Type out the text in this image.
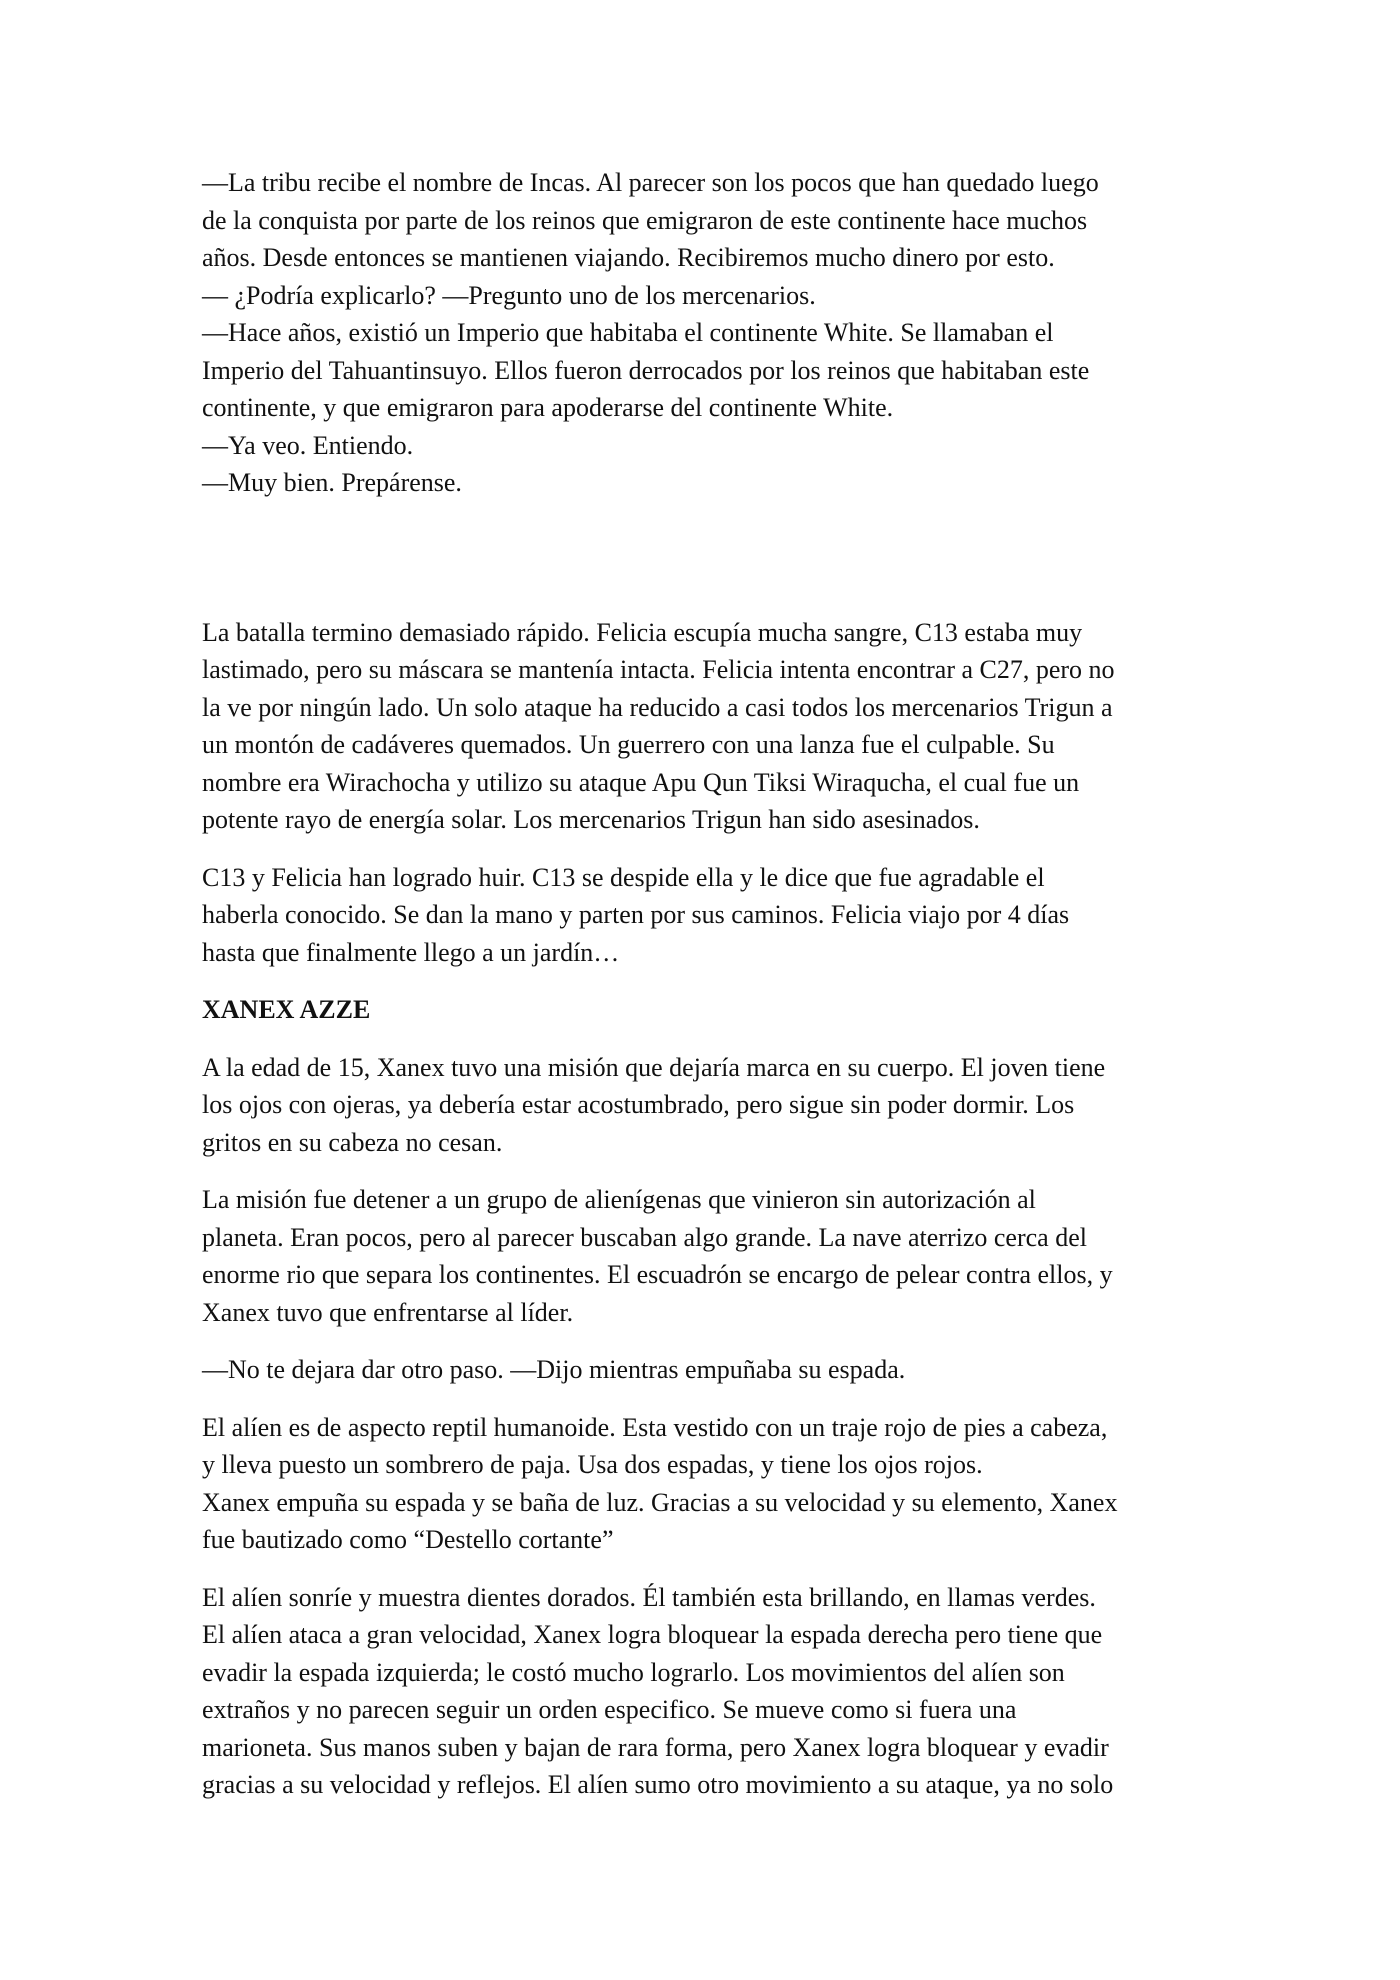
—La tribu recibe el nombre de Incas. Al parecer son los pocos que han quedado luego
de la conquista por parte de los reinos que emigraron de este continente hace muchos
años. Desde entonces se mantienen viajando. Recibiremos mucho dinero por esto.
— ¿Podría explicarlo? —Pregunto uno de los mercenarios.
—Hace años, existió un Imperio que habitaba el continente White. Se llamaban el
Imperio del Tahuantinsuyo. Ellos fueron derrocados por los reinos que habitaban este
continente, y que emigraron para apoderarse del continente White.
—Ya veo. Entiendo.
—Muy bien. Prepárense.
La batalla termino demasiado rápido. Felicia escupía mucha sangre, C13 estaba muy
lastimado, pero su máscara se mantenía intacta. Felicia intenta encontrar a C27, pero no
la ve por ningún lado. Un solo ataque ha reducido a casi todos los mercenarios Trigun a
un montón de cadáveres quemados. Un guerrero con una lanza fue el culpable. Su
nombre era Wirachocha y utilizo su ataque Apu Qun Tiksi Wiraqucha, el cual fue un
potente rayo de energía solar. Los mercenarios Trigun han sido asesinados.
C13 y Felicia han logrado huir. C13 se despide ella y le dice que fue agradable el
haberla conocido. Se dan la mano y parten por sus caminos. Felicia viajo por 4 días
hasta que finalmente llego a un jardín…
XANEX AZZE
A la edad de 15, Xanex tuvo una misión que dejaría marca en su cuerpo. El joven tiene
los ojos con ojeras, ya debería estar acostumbrado, pero sigue sin poder dormir. Los
gritos en su cabeza no cesan.
La misión fue detener a un grupo de alienígenas que vinieron sin autorización al
planeta. Eran pocos, pero al parecer buscaban algo grande. La nave aterrizo cerca del
enorme rio que separa los continentes. El escuadrón se encargo de pelear contra ellos, y
Xanex tuvo que enfrentarse al líder.
—No te dejara dar otro paso. —Dijo mientras empuñaba su espada.
El alíen es de aspecto reptil humanoide. Esta vestido con un traje rojo de pies a cabeza,
y lleva puesto un sombrero de paja. Usa dos espadas, y tiene los ojos rojos.
Xanex empuña su espada y se baña de luz. Gracias a su velocidad y su elemento, Xanex
fue bautizado como “Destello cortante”
El alíen sonríe y muestra dientes dorados. Él también esta brillando, en llamas verdes.
El alíen ataca a gran velocidad, Xanex logra bloquear la espada derecha pero tiene que
evadir la espada izquierda; le costó mucho lograrlo. Los movimientos del alíen son
extraños y no parecen seguir un orden especifico. Se mueve como si fuera una
marioneta. Sus manos suben y bajan de rara forma, pero Xanex logra bloquear y evadir
gracias a su velocidad y reflejos. El alíen sumo otro movimiento a su ataque, ya no solo
